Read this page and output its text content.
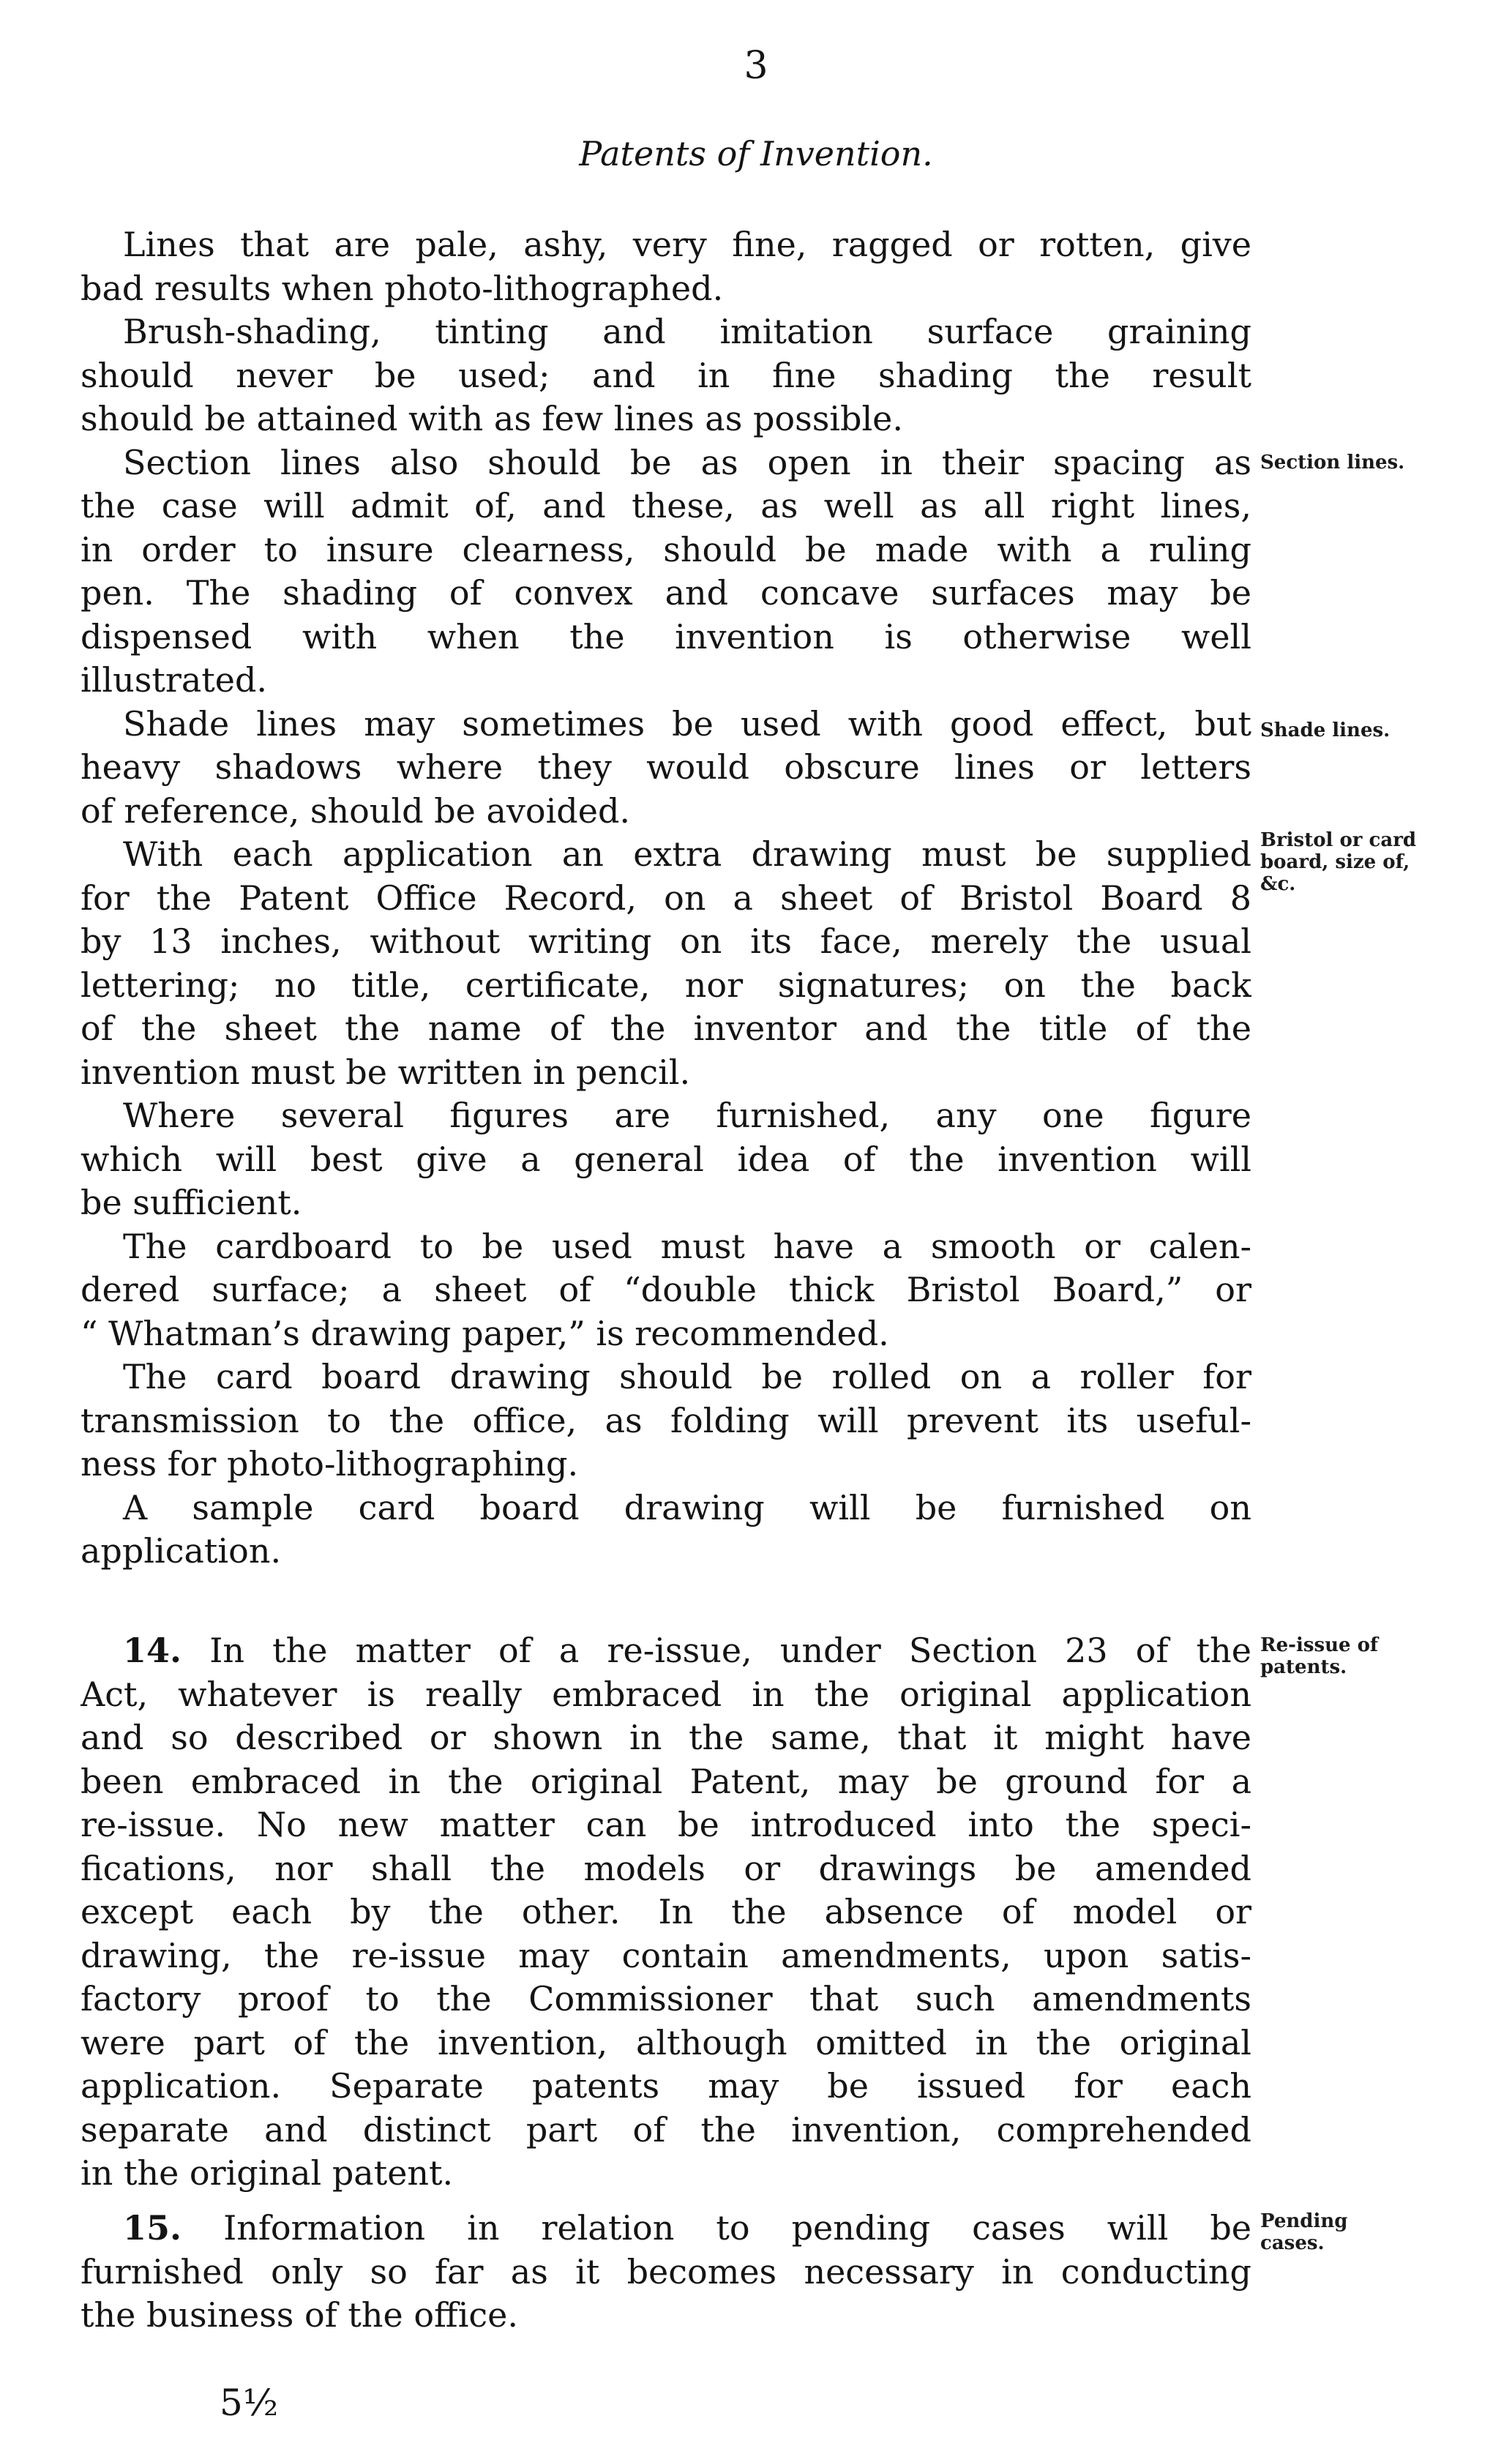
3
Patents of Invention.
Lines that are pale, ashy, very fine, ragged or rotten, give
bad results when photo-lithographed.
Brush-shading, tinting and imitation surface graining
should never be used; and in fine shading the result
should be attained with as few lines as possible.
Section lines also should be as open in their spacing as
the case will admit of, and these, as well as all right lines,
in order to insure clearness, should be made with a ruling
pen. The shading of convex and concave surfaces may be
dispensed with when the invention is otherwise well
illustrated.
Shade lines may sometimes be used with good effect, but
heavy shadows where they would obscure lines or letters
of reference, should be avoided.
With each application an extra drawing must be supplied
for the Patent Office Record, on a sheet of Bristol Board 8
by 13 inches, without writing on its face, merely the usual
lettering; no title, certificate, nor signatures; on the back
of the sheet the name of the inventor and the title of the
invention must be written in pencil.
Where several figures are furnished, any one figure
which will best give a general idea of the invention will
be sufficient.
The cardboard to be used must have a smooth or calen-
dered surface; a sheet of “double thick Bristol Board,” or
“ Whatman’s drawing paper,” is recommended.
The card board drawing should be rolled on a roller for
transmission to the office, as folding will prevent its useful-
ness for photo-lithographing.
A sample card board drawing will be furnished on
application.
14. In the matter of a re-issue, under Section 23 of the
Act, whatever is really embraced in the original application
and so described or shown in the same, that it might have
been embraced in the original Patent, may be ground for a
re-issue. No new matter can be introduced into the speci-
fications, nor shall the models or drawings be amended
except each by the other. In the absence of model or
drawing, the re-issue may contain amendments, upon satis-
factory proof to the Commissioner that such amendments
were part of the invention, although omitted in the original
application. Separate patents may be issued for each
separate and distinct part of the invention, comprehended
in the original patent.
15. Information in relation to pending cases will be
furnished only so far as it becomes necessary in conducting
the business of the office.
Section lines.
Shade lines.
Bristol or card board, size of, &c.
Re-issue of patents.
Pending cases.
5½
